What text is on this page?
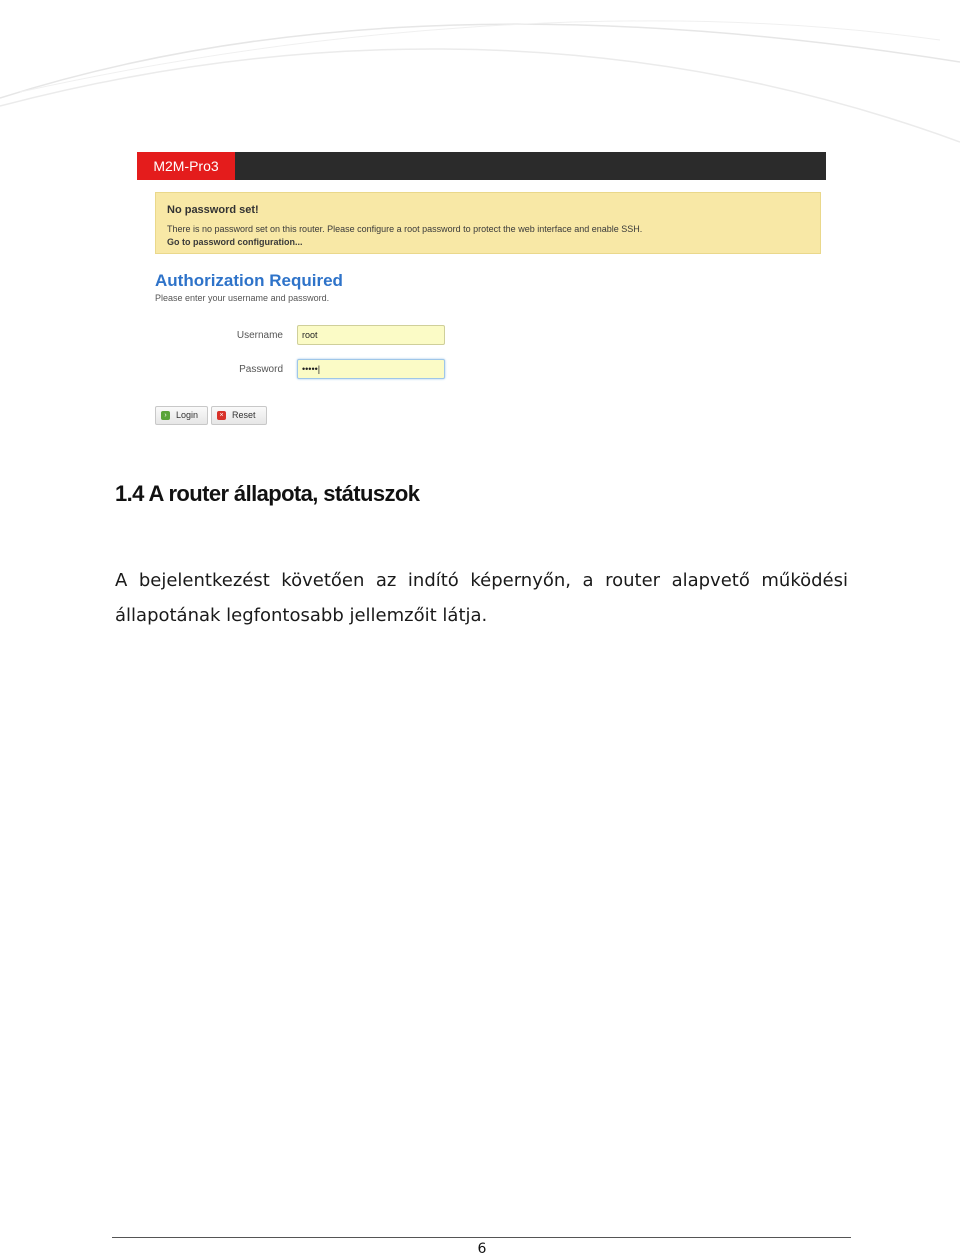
M2M-Pro3
No password set!
There is no password set on this router. Please configure a root password to protect the web interface and enable SSH.
Go to password configuration...
Authorization Required
Please enter your username and password.
Username	root
Password	•••••|
›	Login	× Reset
1.4 A router állapota, státuszok
A bejelentkezést követően az indító képernyőn, a router alapvető működési állapotának legfontosabb jellemzőit látja.
6
